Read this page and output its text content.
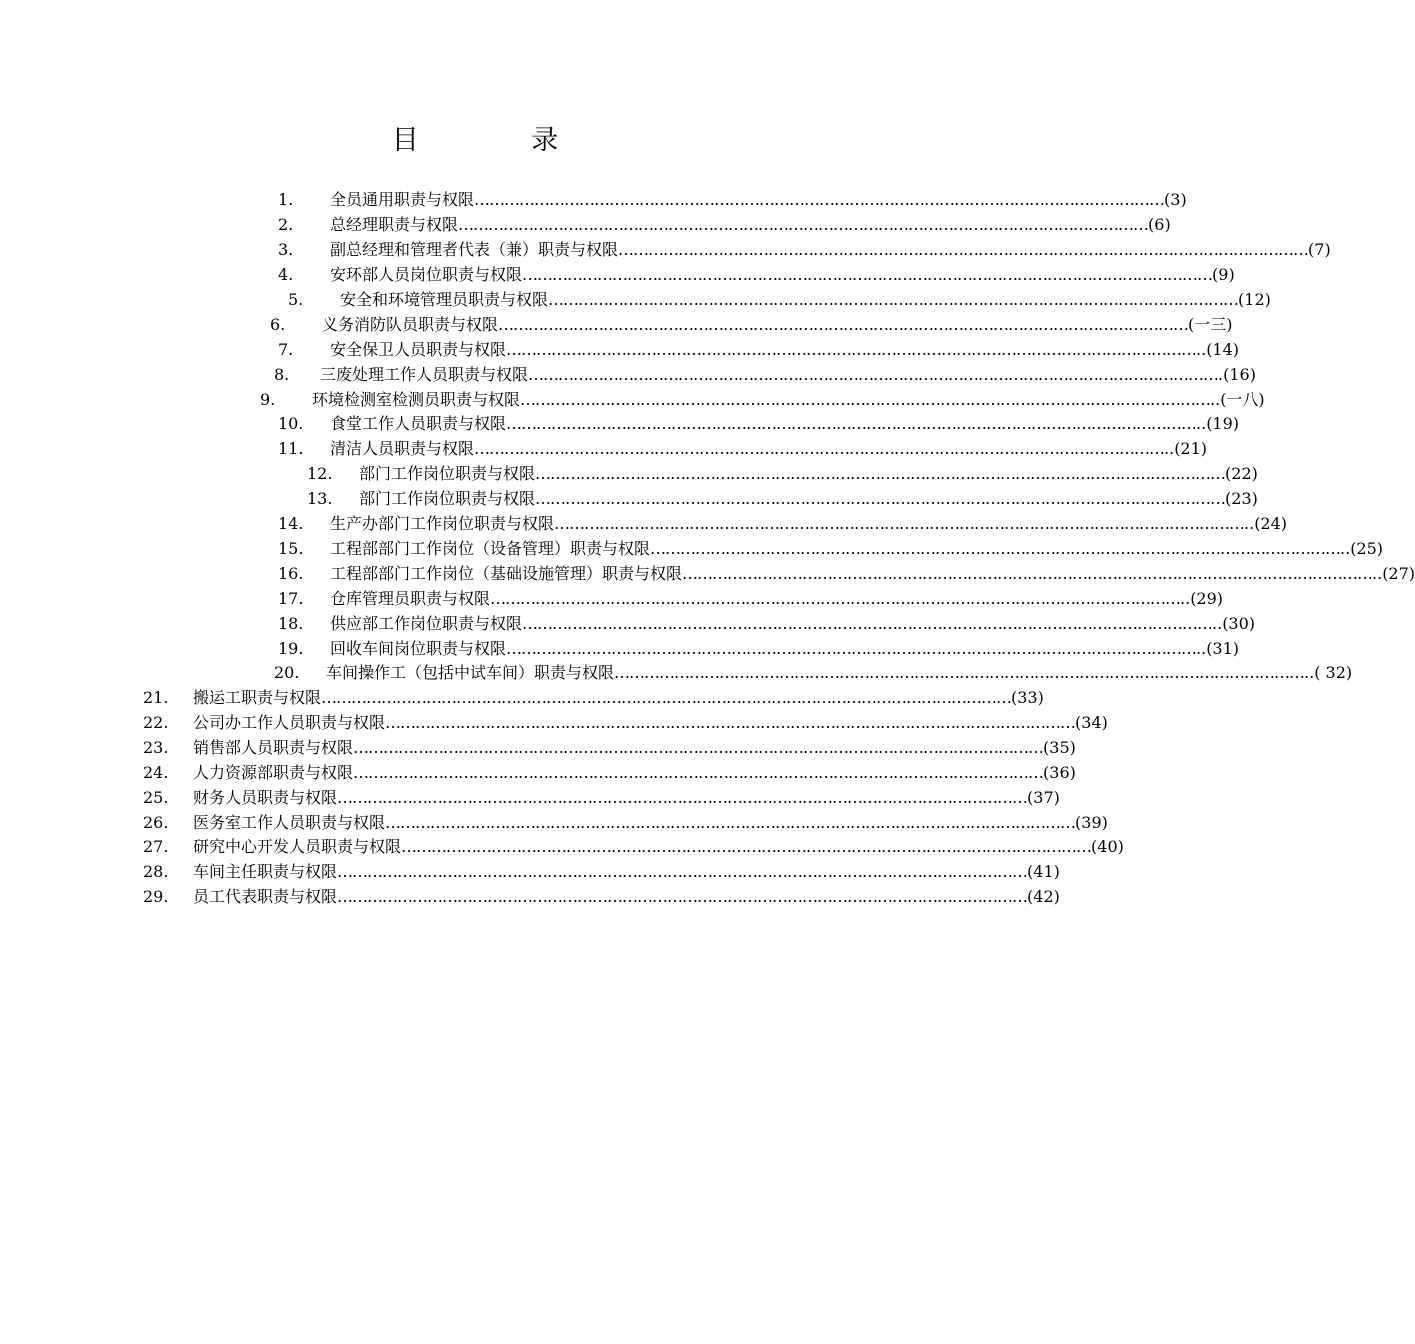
目 录
1.	全员通用职责与权限 ………………………………………………………………………………………………………………………… (3)
2.	总经理职责与权限 ………………………………………………………………………………………………………………………… (6)
3.	副总经理和管理者代表（兼）职责与权限 ………………………………………………………………………………………………………………………… (7)
4.	安环部人员岗位职责与权限 ………………………………………………………………………………………………………………………… (9)
5.	安全和环境管理员职责与权限 ………………………………………………………………………………………………………………………… (12)
6.	义务消防队员职责与权限 ………………………………………………………………………………………………………………………… (一三)
7.	安全保卫人员职责与权限 ………………………………………………………………………………………………………………………… ..(14)
8.	三废处理工作人员职责与权限 ………………………………………………………………………………………………………………………… .(16)
9.	环境检测室检测员职责与权限 ………………………………………………………………………………………………………………………… ..(一八)
10.	食堂工作人员职责与权限 ………………………………………………………………………………………………………………………… ..(19)
11.	清洁人员职责与权限 ………………………………………………………………………………………………………………………… ..(21)
12.	部门工作岗位职责与权限 ………………………………………………………………………………………………………………………… (22)
13.	部门工作岗位职责与权限 ………………………………………………………………………………………………………………………… (23)
14.	生产办部门工作岗位职责与权限 ………………………………………………………………………………………………………………………… ..(24)
15.	工程部部门工作岗位（设备管理）职责与权限 ………………………………………………………………………………………………………………………… ..(25)
16.	工程部部门工作岗位（基础设施管理）职责与权限 ………………………………………………………………………………………………………………………… ..(27)
17.	仓库管理员职责与权限 ………………………………………………………………………………………………………………………… ..(29)
18.	供应部工作岗位职责与权限 ………………………………………………………………………………………………………………………… ..(30)
19.	回收车间岗位职责与权限 ………………………………………………………………………………………………………………………… ..(31)
20.	车间操作工（包括中试车间）职责与权限 ………………………………………………………………………………………………………………………… ..( 32)
21.	搬运工职责与权限 ………………………………………………………………………………………………………………………… (33)
22.	公司办工作人员职责与权限 ………………………………………………………………………………………………………………………… (34)
23.	销售部人员职责与权限 ………………………………………………………………………………………………………………………… (35)
24.	人力资源部职责与权限 ………………………………………………………………………………………………………………………… (36)
25.	财务人员职责与权限 ………………………………………………………………………………………………………………………… (37)
26.	医务室工作人员职责与权限 ………………………………………………………………………………………………………………………… (39)
27.	研究中心开发人员职责与权限 ………………………………………………………………………………………………………………………… (40)
28.	车间主任职责与权限 ………………………………………………………………………………………………………………………… (41)
29.	员工代表职责与权限 ………………………………………………………………………………………………………………………… (42)
